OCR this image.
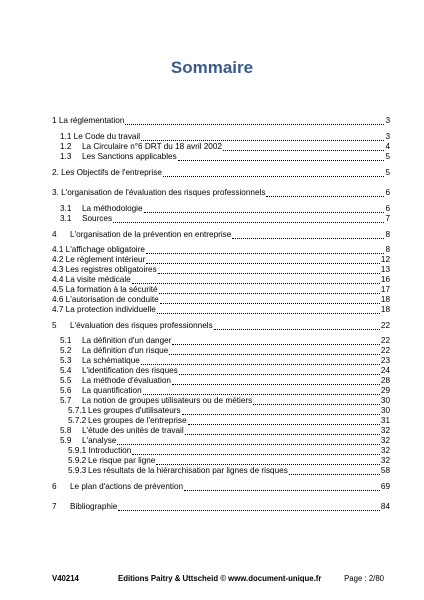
Sommaire
1 La réglementation	3
1.1 Le Code du travail	3
1.2	La Circulaire n°6 DRT du 18 avril 2002	4
1.3	Les Sanctions applicables	5
2. Les Objectifs de l'entreprise	5
3. L'organisation de l'évaluation des risques professionnels	6
3.1	La méthodologie	6
3.1	Sources	7
4	L'organisation de la prévention en entreprise	8
4.1 L'affichage obligatoire	8
4.2 Le règlement intérieur	12
4.3 Les registres obligatoires	13
4.4 La visite médicale	16
4.5 La formation à la sécurité	17
4.6 L'autorisation de conduite	18
4.7 La protection individuelle	18
5	L'évaluation des risques professionnels	22
5.1	La définition d'un danger	22
5.2	La définition d'un risque	22
5.3	La schématique	23
5.4	L'identification des risques	24
5.5	La méthode d'évaluation	28
5.6	La quantification	29
5.7	La notion de groupes utilisateurs ou de métiers	30
5.7.1 Les groupes d'utilisateurs	30
5.7.2 Les groupes de l'entreprise	31
5.8	L'étude des unités de travail	32
5.9	L'analyse	32
5.9.1 Introduction	32
5.9.2 Le risque par ligne	32
5.9.3 Les résultats de la hiérarchisation par lignes de risques	58
6	Le plan d'actions de prévention	69
7	Bibliographie	84
V40214	Editions Paitry & Uttscheid © www.document-unique.fr	Page : 2/80
